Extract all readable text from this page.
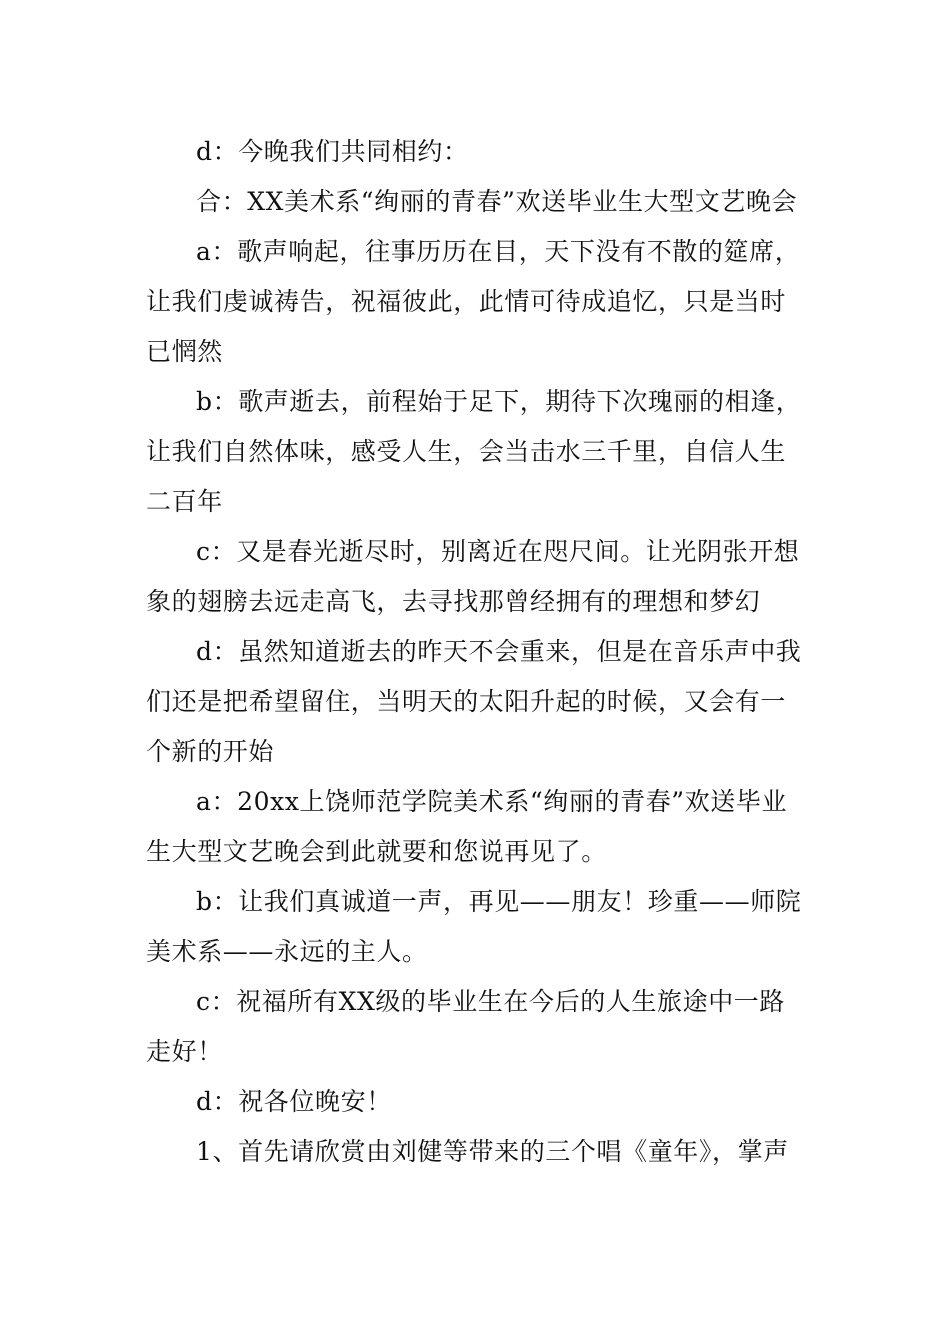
d：今晚我们共同相约：

合：XX美术系“绚丽的青春”欢送毕业生大型文艺晚会

a：歌声响起，往事历历在目，天下没有不散的筵席，让我们虔诚祷告，祝福彼此，此情可待成追忆，只是当时已惘然

b：歌声逝去，前程始于足下，期待下次瑰丽的相逢，让我们自然体味，感受人生，会当击水三千里，自信人生二百年

c：又是春光逝尽时，别离近在咫尺间。让光阴张开想象的翅膀去远走高飞，去寻找那曾经拥有的理想和梦幻

d：虽然知道逝去的昨天不会重来，但是在音乐声中我们还是把希望留住，当明天的太阳升起的时候，又会有一个新的开始

a：20xx上饶师范学院美术系“绚丽的青春”欢送毕业生大型文艺晚会到此就要和您说再见了。

b：让我们真诚道一声，再见——朋友！珍重——师院美术系——永远的主人。

c：祝福所有XX级的毕业生在今后的人生旅途中一路走好！

d：祝各位晚安！

1、首先请欣赏由刘健等带来的三个唱《童年》，掌声
